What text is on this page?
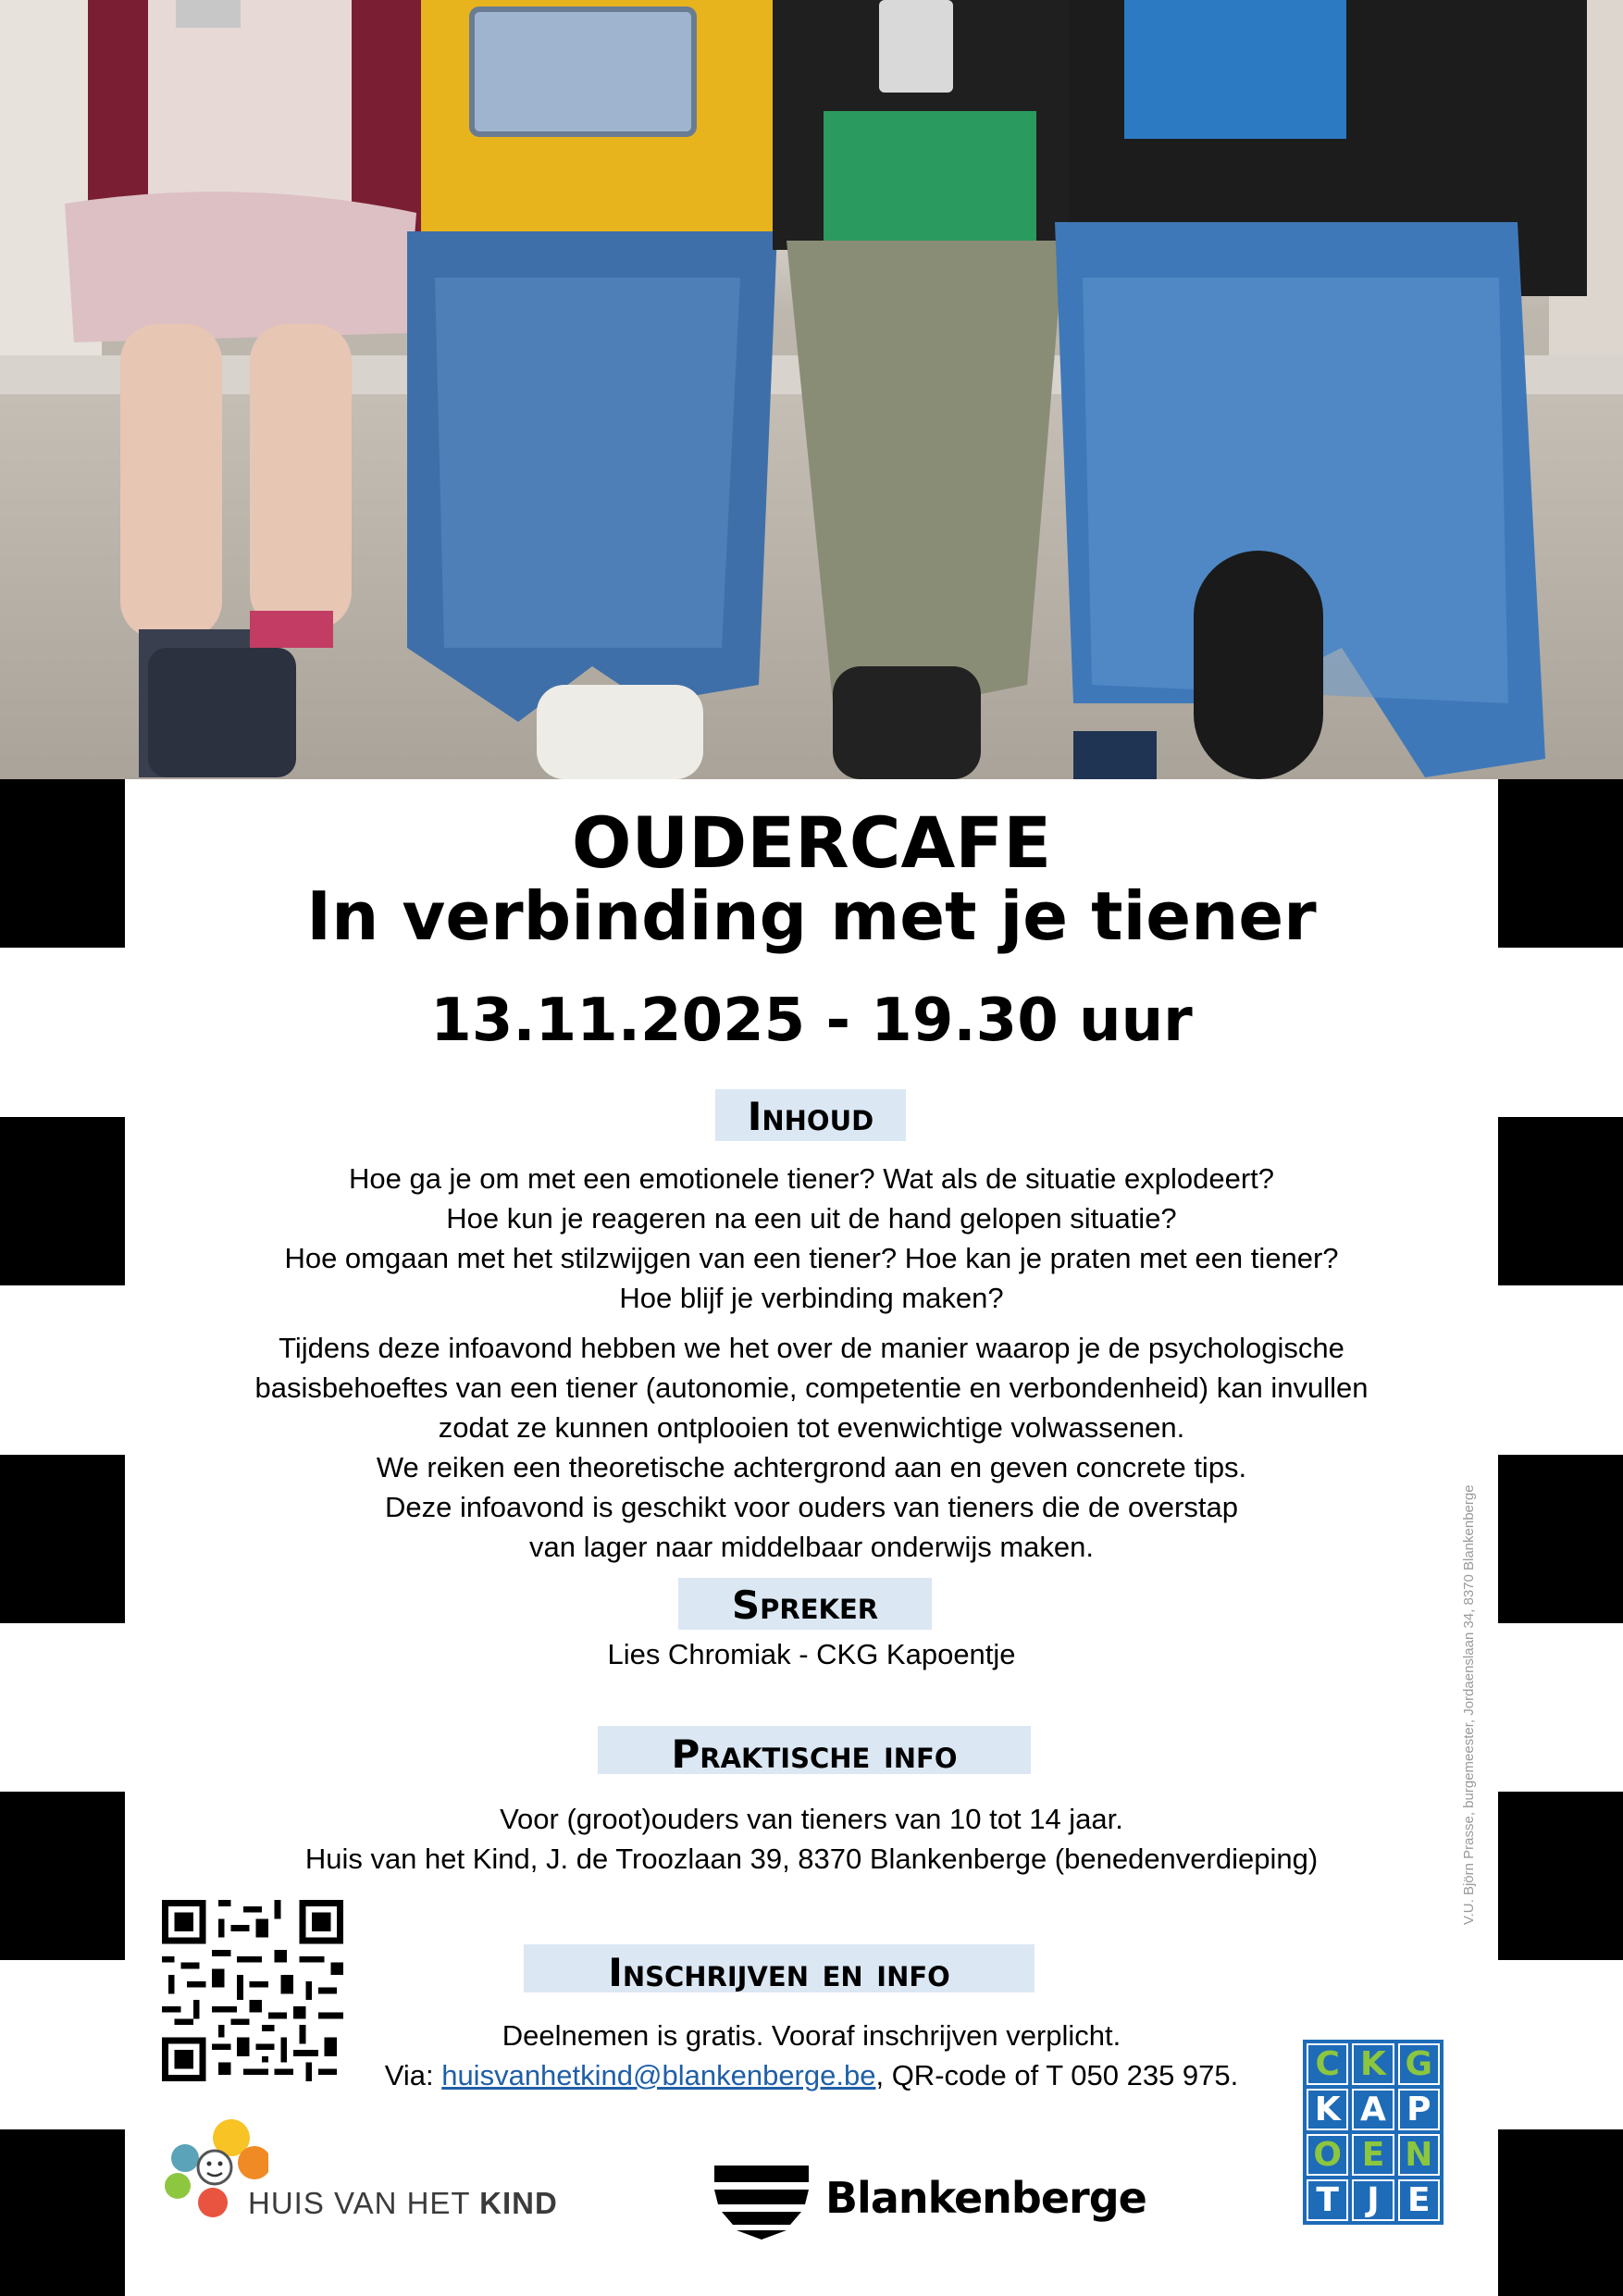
OUDERCAFE
In verbinding met je tiener
13.11.2025 - 19.30 uur
Inhoud
Hoe ga je om met een emotionele tiener? Wat als de situatie explodeert?
Hoe kun je reageren na een uit de hand gelopen situatie?
Hoe omgaan met het stilzwijgen van een tiener? Hoe kan je praten met een tiener?
Hoe blijf je verbinding maken?
Tijdens deze infoavond hebben we het over de manier waarop je de psychologische
basisbehoeftes van een tiener (autonomie, competentie en verbondenheid) kan invullen
zodat ze kunnen ontplooien tot evenwichtige volwassenen.
We reiken een theoretische achtergrond aan en geven concrete tips.
Deze infoavond is geschikt voor ouders van tieners die de overstap
van lager naar middelbaar onderwijs maken.
Spreker
Lies Chromiak - CKG Kapoentje
Praktische info
Voor (groot)ouders van tieners van 10 tot 14 jaar.
Huis van het Kind, J. de Troozlaan 39, 8370 Blankenberge (benedenverdieping)
Inschrijven en info
Deelnemen is gratis. Vooraf inschrijven verplicht.
Via: huisvanhetkind@blankenberge.be, QR-code of T 050 235 975.
V.U. Björn Prasse, burgemeester, Jordaenslaan 34, 8370 Blankenberge
HUIS VAN HET KIND	Blankenberge
C K G
K A P
O E N
T J E
